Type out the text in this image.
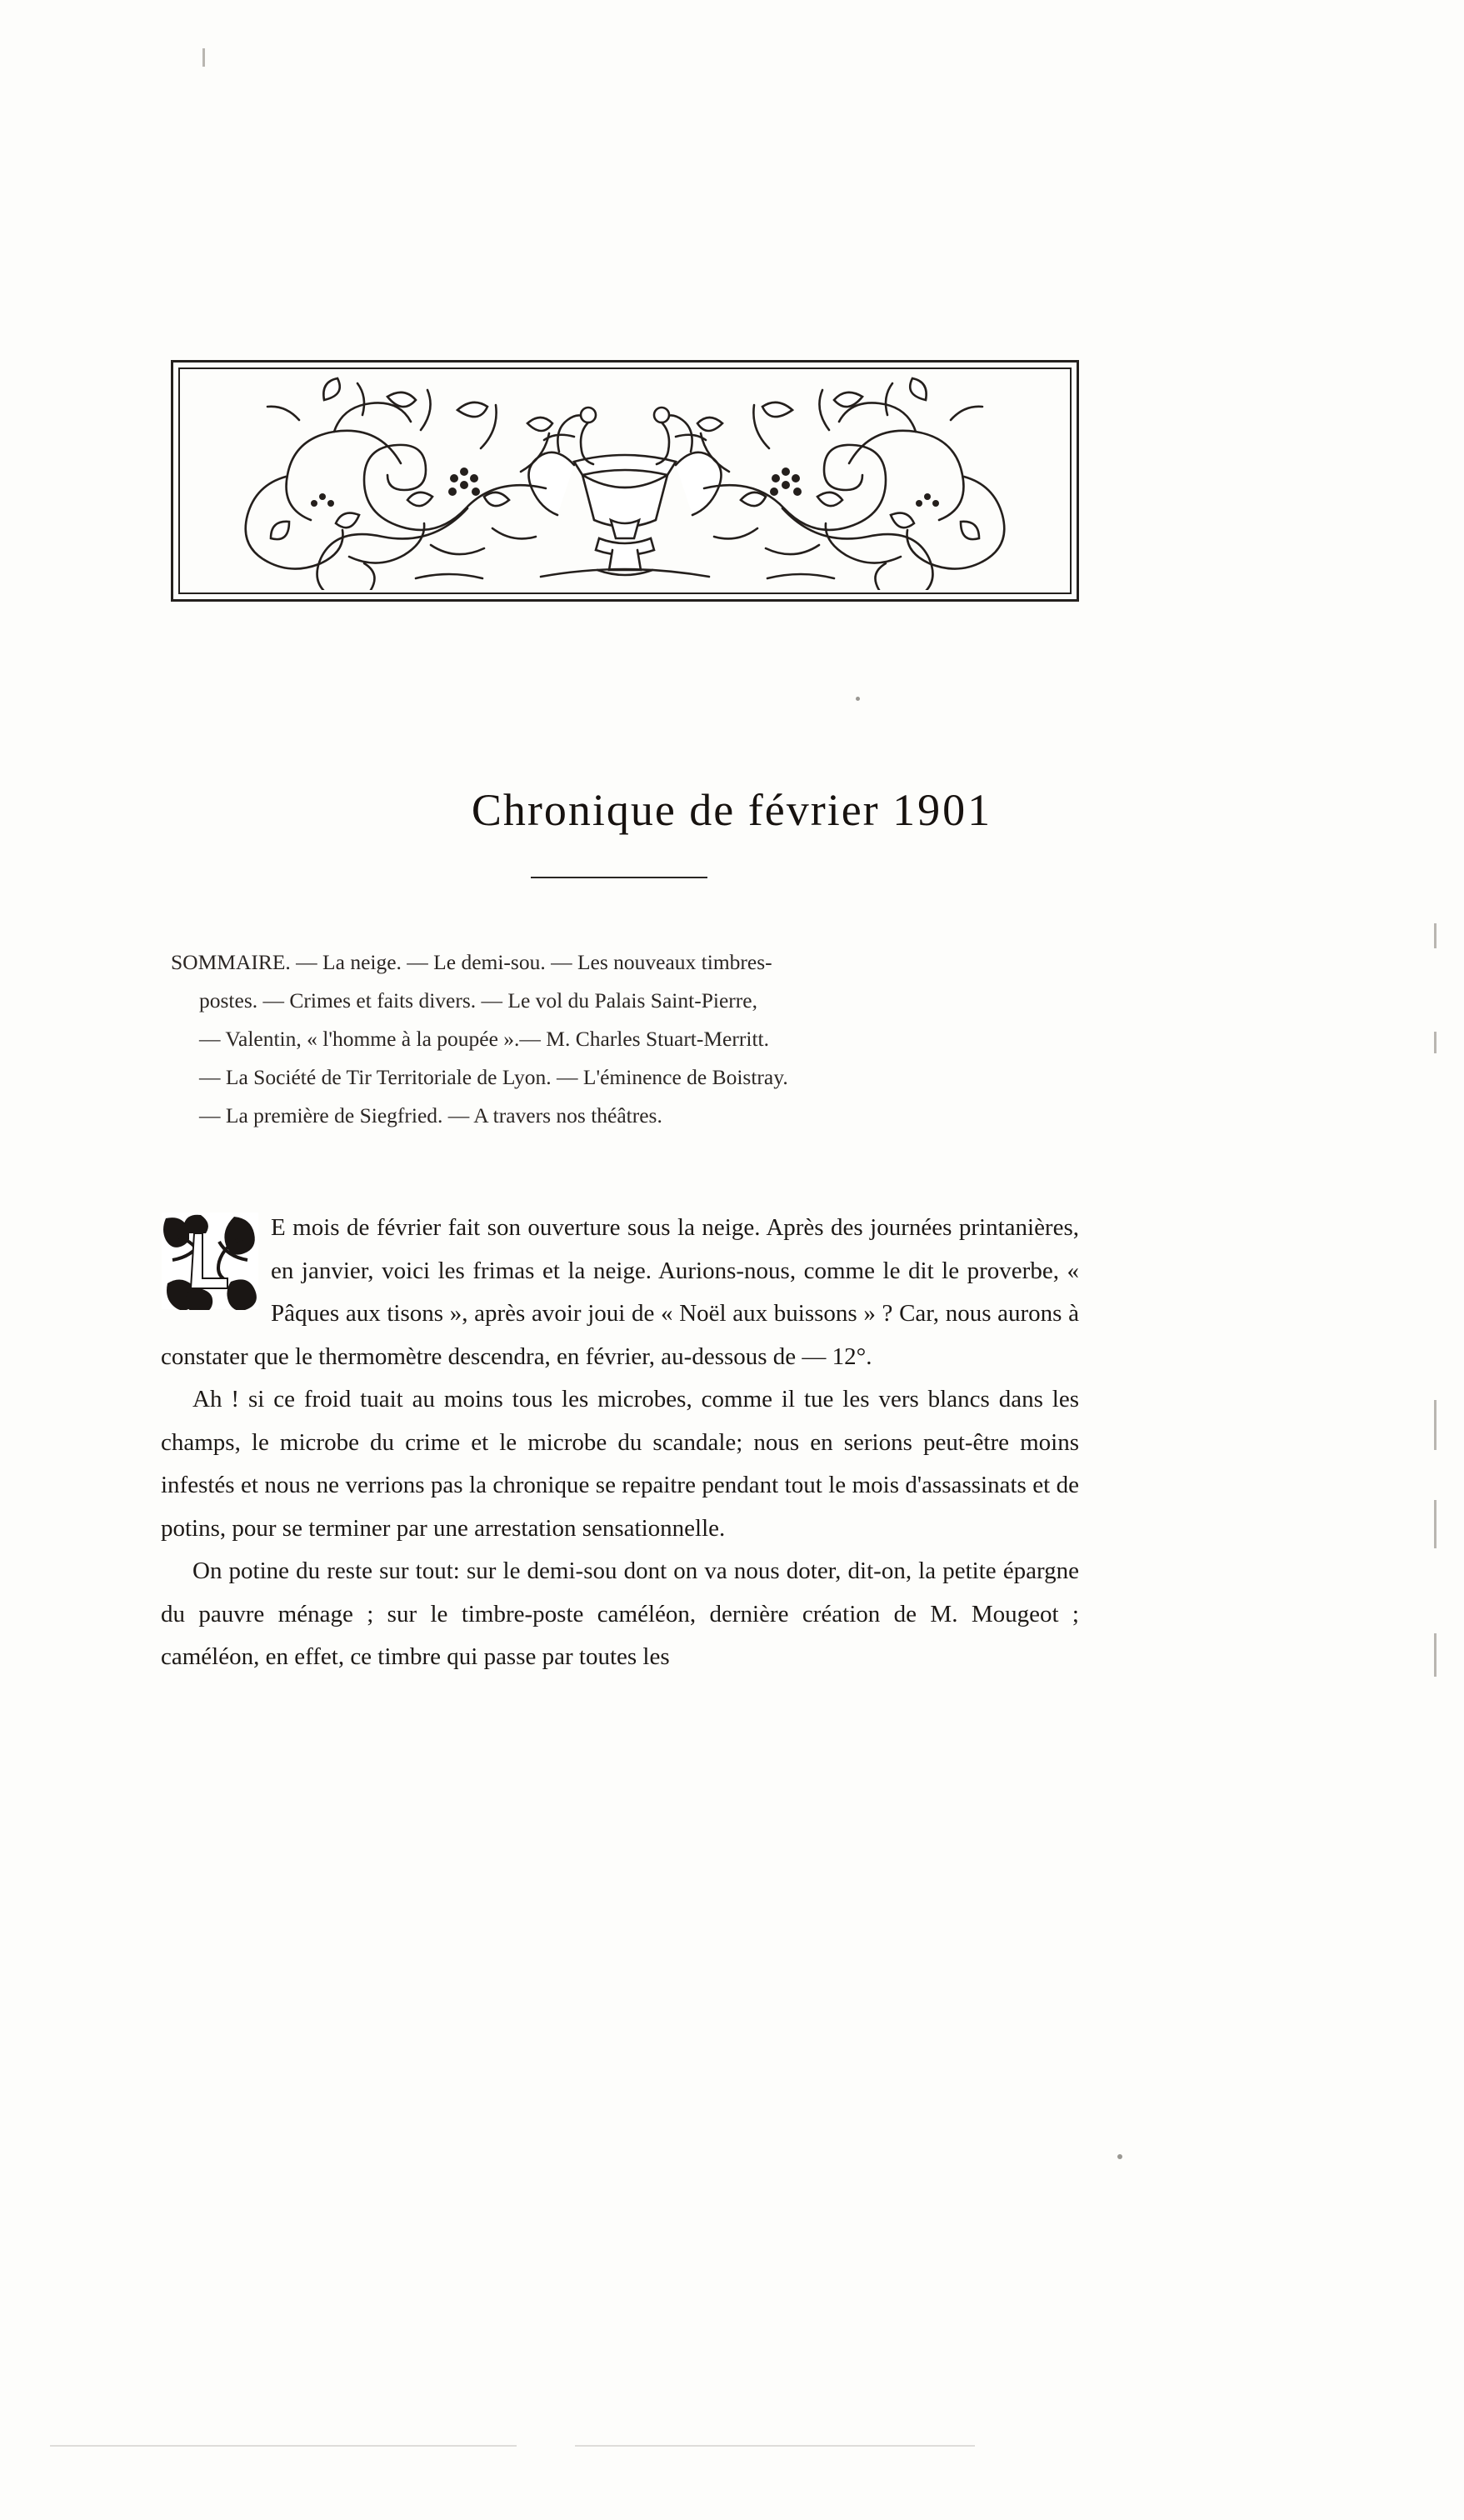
Chronique de février 1901
SOMMAIRE. — La neige. — Le demi-sou. — Les nouveaux timbres-
postes. — Crimes et faits divers. — Le vol du Palais Saint-Pierre,
— Valentin, « l'homme à la poupée ».— M. Charles Stuart-Merritt.
— La Société de Tir Territoriale de Lyon. — L'éminence de Boistray.
— La première de Siegfried. — A travers nos théâtres.

E mois de février fait son ouverture sous la neige. Après des journées printanières, en janvier, voici les frimas et la neige. Aurions-nous, comme le dit le proverbe, « Pâques aux tisons », après avoir joui de « Noël aux buissons » ? Car, nous aurons à constater que le thermomètre descendra, en février, au-dessous de — 12°.

Ah ! si ce froid tuait au moins tous les microbes, comme il tue les vers blancs dans les champs, le microbe du crime et le microbe du scandale; nous en serions peut-être moins infestés et nous ne verrions pas la chronique se repaitre pendant tout le mois d'assassinats et de potins, pour se terminer par une arrestation sensationnelle.

On potine du reste sur tout: sur le demi-sou dont on va nous doter, dit-on, la petite épargne du pauvre ménage ; sur le timbre-poste caméléon, dernière création de M. Mougeot ; caméléon, en effet, ce timbre qui passe par toutes les
